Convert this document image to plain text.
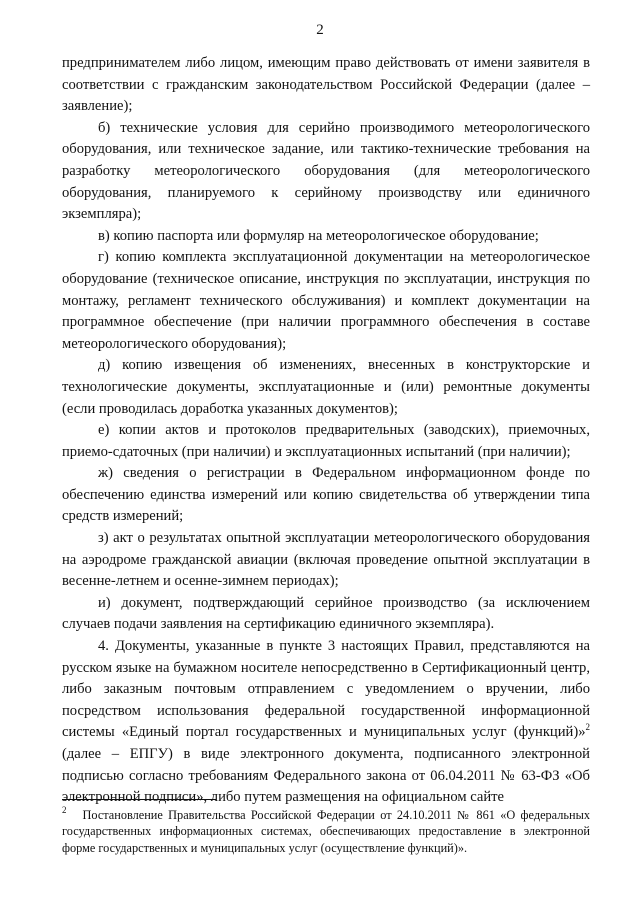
2

предпринимателем либо лицом, имеющим право действовать от имени заявителя в соответствии с гражданским законодательством Российской Федерации (далее – заявление);

б) технические условия для серийно производимого метеорологического оборудования, или техническое задание, или тактико-технические требования на разработку метеорологического оборудования (для метеорологического оборудования, планируемого к серийному производству или единичного экземпляра);

в) копию паспорта или формуляр на метеорологическое оборудование;

г) копию комплекта эксплуатационной документации на метеорологическое оборудование (техническое описание, инструкция по эксплуатации, инструкция по монтажу, регламент технического обслуживания) и комплект документации на программное обеспечение (при наличии программного обеспечения в составе метеорологического оборудования);

д) копию извещения об изменениях, внесенных в конструкторские и технологические документы, эксплуатационные и (или) ремонтные документы (если проводилась доработка указанных документов);

е) копии актов и протоколов предварительных (заводских), приемочных, приемо-сдаточных (при наличии) и эксплуатационных испытаний (при наличии);

ж) сведения о регистрации в Федеральном информационном фонде по обеспечению единства измерений или копию свидетельства об утверждении типа средств измерений;

з) акт о результатах опытной эксплуатации метеорологического оборудования на аэродроме гражданской авиации (включая проведение опытной эксплуатации в весенне-летнем и осенне-зимнем периодах);

и) документ, подтверждающий серийное производство (за исключением случаев подачи заявления на сертификацию единичного экземпляра).

4. Документы, указанные в пункте 3 настоящих Правил, представляются на русском языке на бумажном носителе непосредственно в Сертификационный центр, либо заказным почтовым отправлением с уведомлением о вручении, либо посредством использования федеральной государственной информационной системы «Единый портал государственных и муниципальных услуг (функций)»$^2$ (далее – ЕПГУ) в виде электронного документа, подписанного электронной подписью согласно требованиям Федерального закона от 06.04.2011 № 63-ФЗ «Об электронной подписи», либо путем размещения на официальном сайте

$^2$ Постановление Правительства Российской Федерации от 24.10.2011 № 861 «О федеральных государственных информационных системах, обеспечивающих предоставление в электронной форме государственных и муниципальных услуг (осуществление функций)».
